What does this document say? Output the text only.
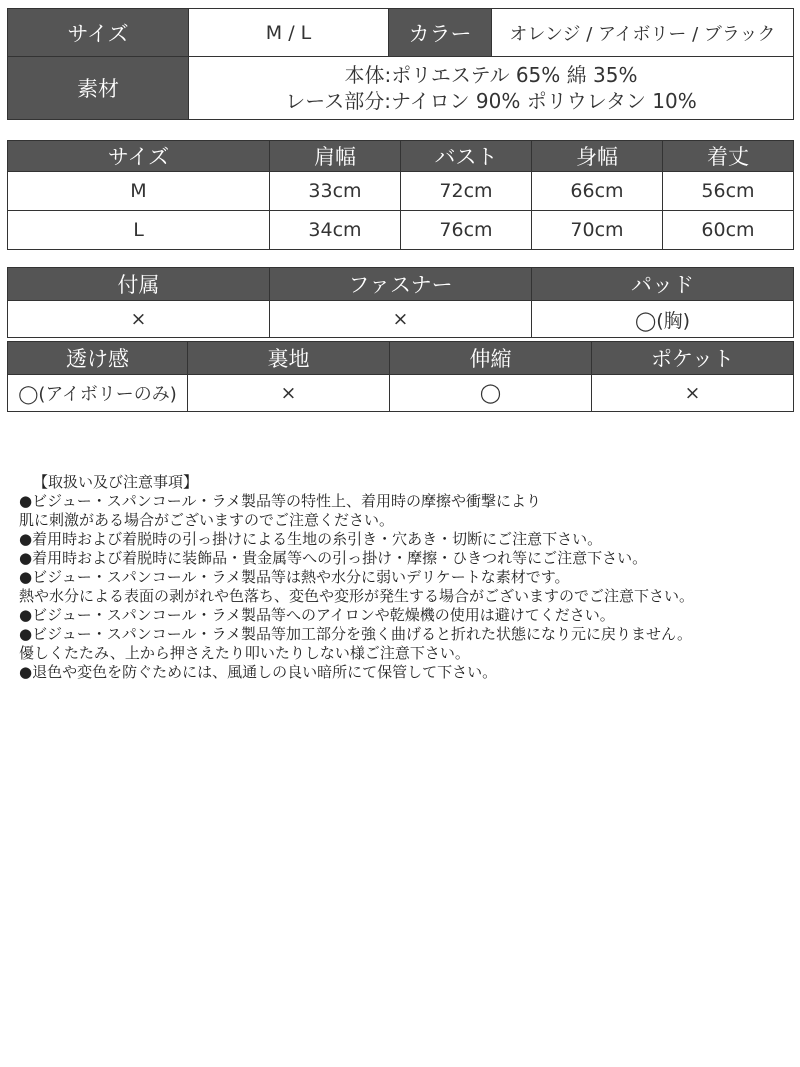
サイズ	M / L	カラー	オレンジ / アイボリー / ブラック
素材	本体:ポリエステル 65% 綿 35%
レース部分:ナイロン 90% ポリウレタン 10%		
サイズ	肩幅	バスト	身幅	着丈
M	33cm	72cm	66cm	56cm
L	34cm	76cm	70cm	60cm
付属	ファスナー	パッド
×	×	◯(胸)
透け感	裏地	伸縮	ポケット
◯(アイボリーのみ)	×	◯	×

【取扱い及び注意事項】

●ビジュー・スパンコール・ラメ製品等の特性上、着用時の摩擦や衝撃により

肌に刺激がある場合がございますのでご注意ください。

●着用時および着脱時の引っ掛けによる生地の糸引き・穴あき・切断にご注意下さい。

●着用時および着脱時に装飾品・貴金属等への引っ掛け・摩擦・ひきつれ等にご注意下さい。

●ビジュー・スパンコール・ラメ製品等は熱や水分に弱いデリケートな素材です。

熱や水分による表面の剥がれや色落ち、変色や変形が発生する場合がございますのでご注意下さい。

●ビジュー・スパンコール・ラメ製品等へのアイロンや乾燥機の使用は避けてください。

●ビジュー・スパンコール・ラメ製品等加工部分を強く曲げると折れた状態になり元に戻りません。

優しくたたみ、上から押さえたり叩いたりしない様ご注意下さい。

●退色や変色を防ぐためには、風通しの良い暗所にて保管して下さい。
